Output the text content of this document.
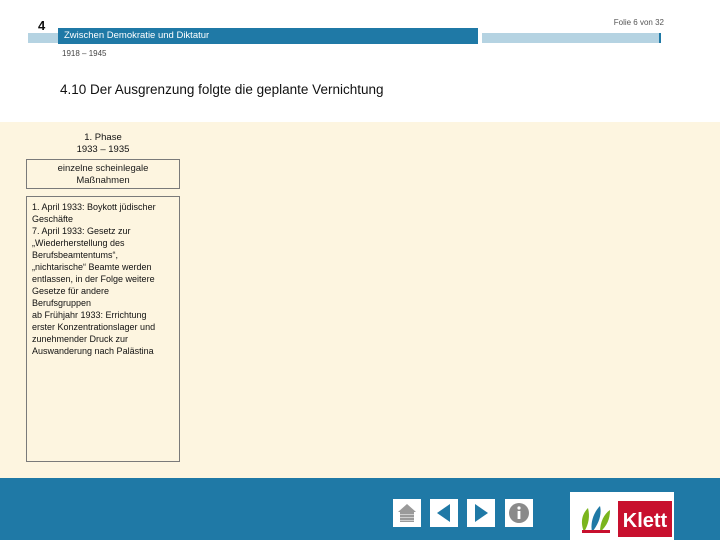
4	Folie 6 von 32
Zwischen Demokratie und Diktatur
1918 – 1945
4.10 Der Ausgrenzung folgte die geplante Vernichtung
1. Phase
1933 – 1935
einzelne scheinlegale
Maßnahmen
1. April 1933: Boykott jüdischer
Geschäfte
7. April 1933: Gesetz zur
„Wiederherstellung des
Berufsbeamtentums“,
„nichtarische“ Beamte werden
entlassen, in der Folge weitere
Gesetze für andere
Berufsgruppen
ab Frühjahr 1933: Errichtung
erster Konzentrationslager und
zunehmender Druck zur
Auswanderung nach Palästina
Klett
